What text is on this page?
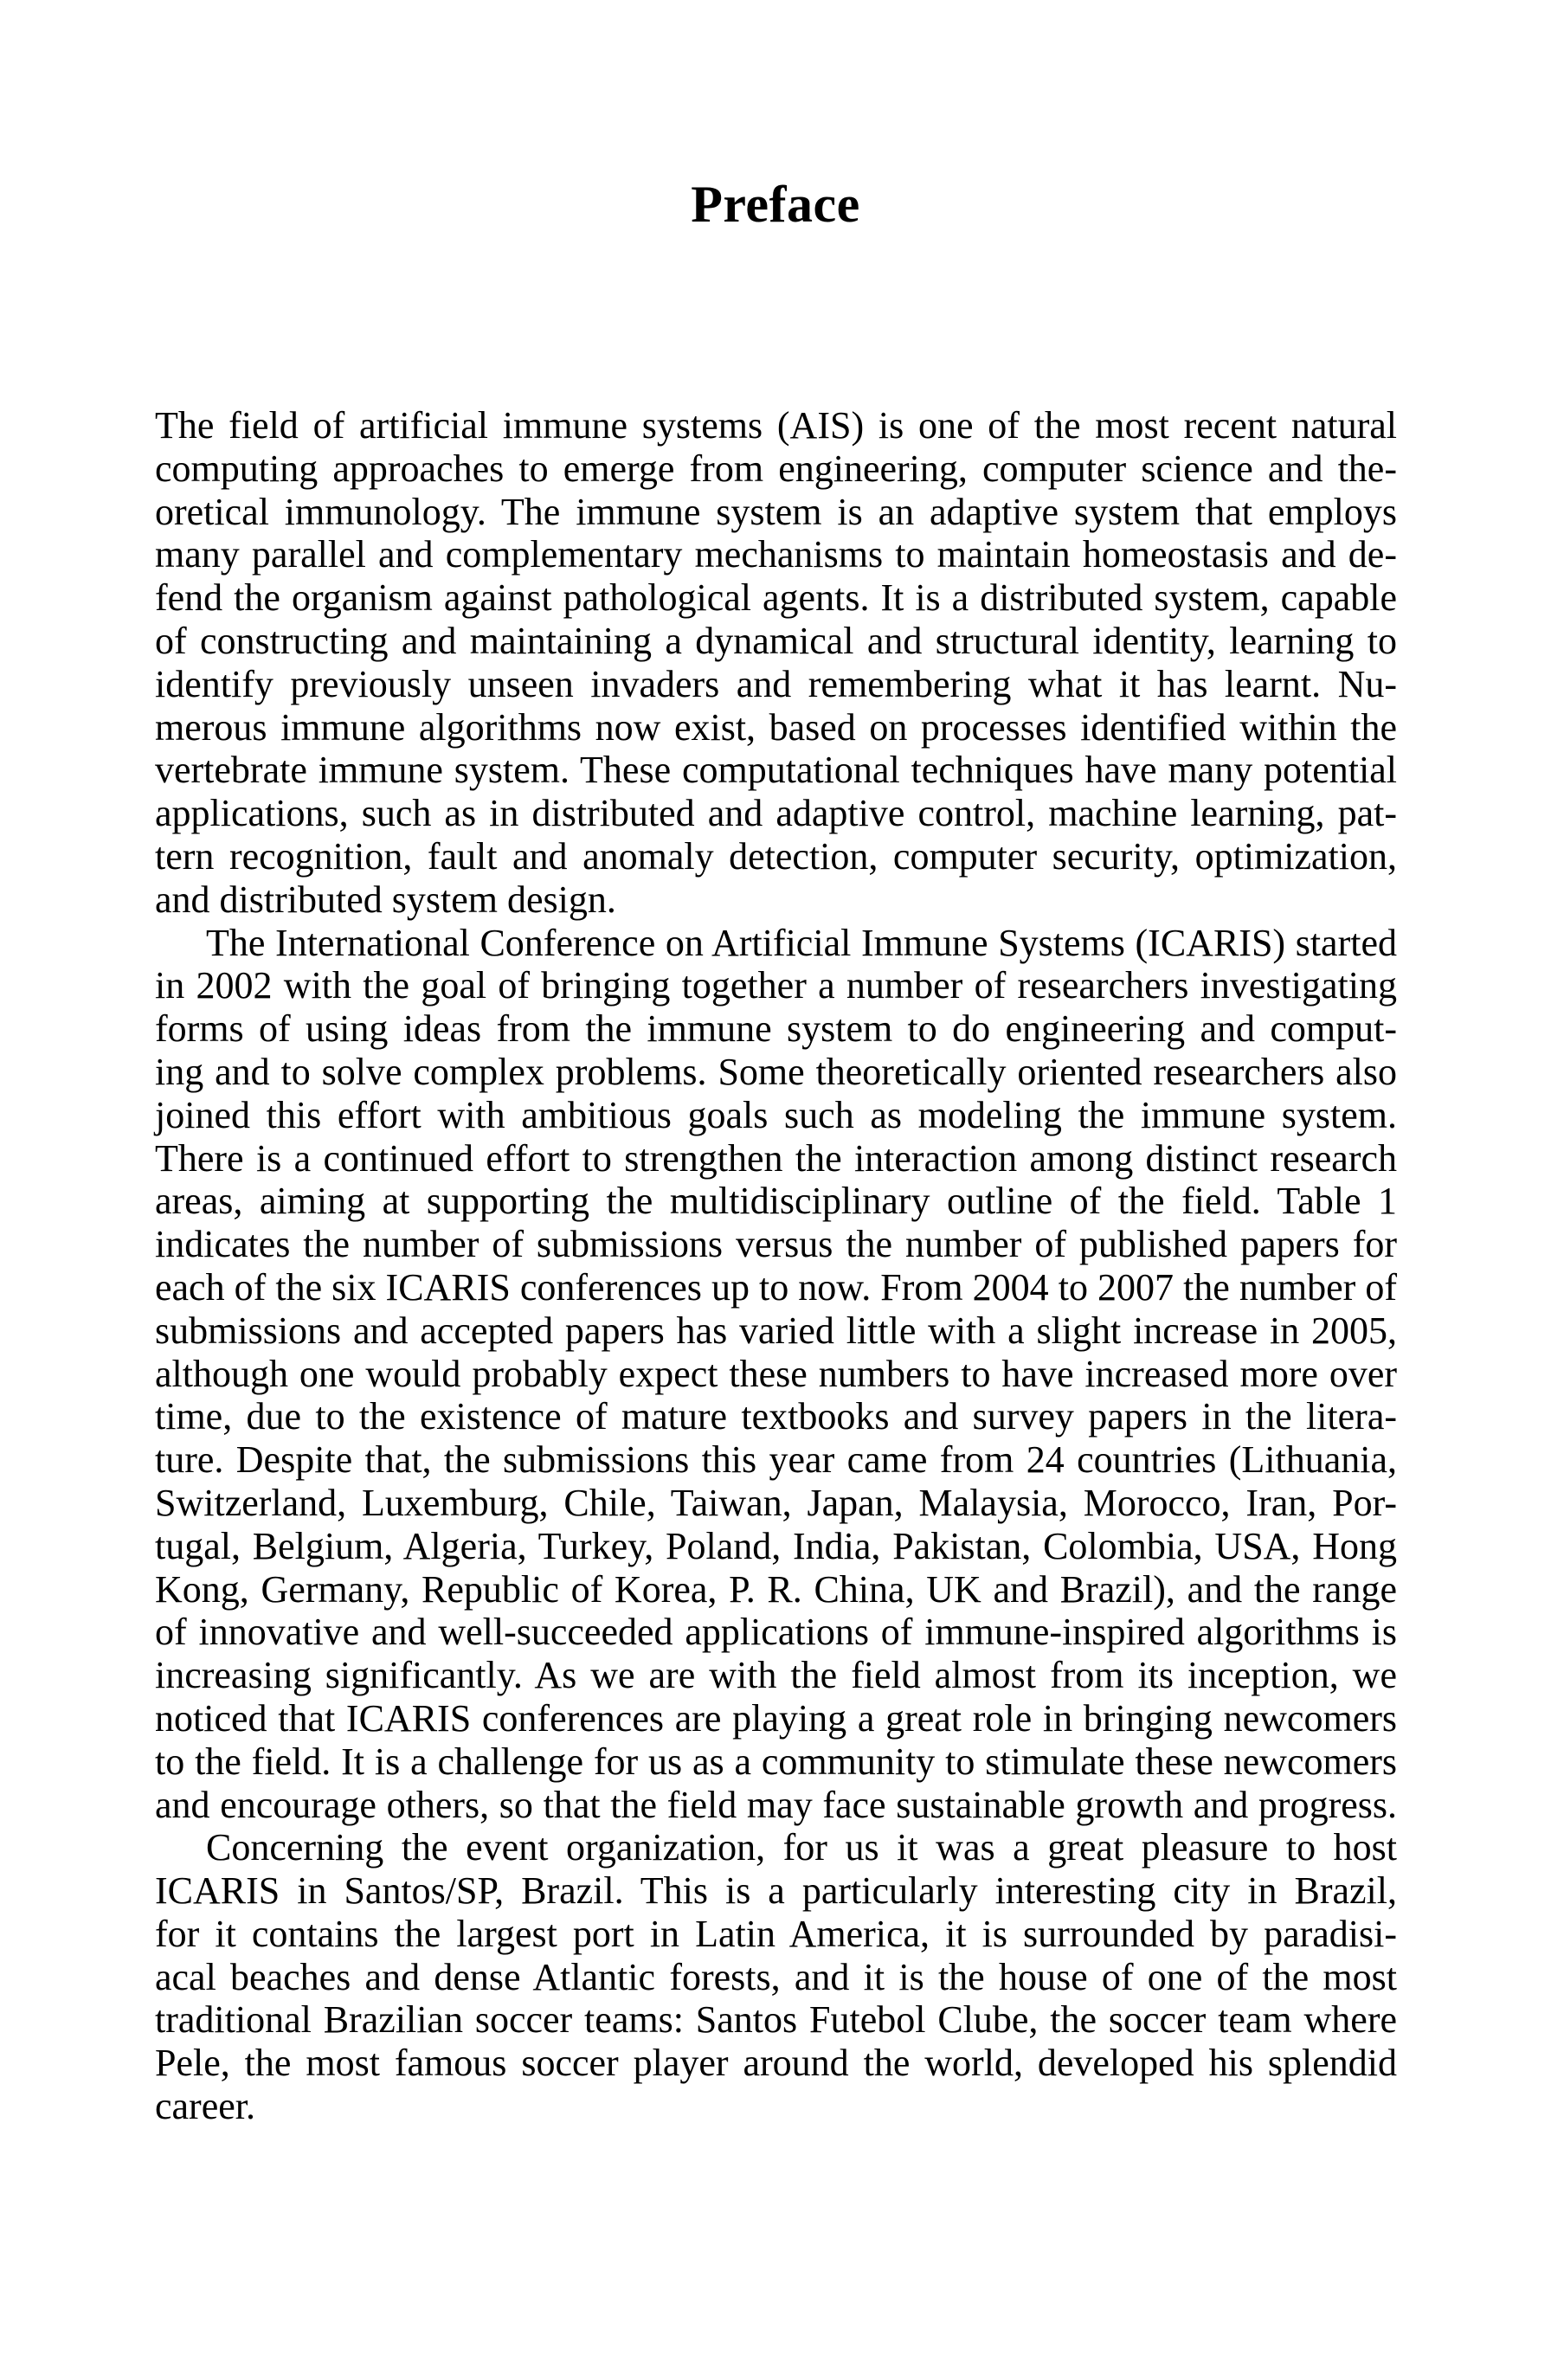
Preface

The field of artificial immune systems (AIS) is one of the most recent natural
computing approaches to emerge from engineering, computer science and the-
oretical immunology. The immune system is an adaptive system that employs
many parallel and complementary mechanisms to maintain homeostasis and de-
fend the organism against pathological agents. It is a distributed system, capable
of constructing and maintaining a dynamical and structural identity, learning to
identify previously unseen invaders and remembering what it has learnt. Nu-
merous immune algorithms now exist, based on processes identified within the
vertebrate immune system. These computational techniques have many potential
applications, such as in distributed and adaptive control, machine learning, pat-
tern recognition, fault and anomaly detection, computer security, optimization,
and distributed system design.

The International Conference on Artificial Immune Systems (ICARIS) started
in 2002 with the goal of bringing together a number of researchers investigating
forms of using ideas from the immune system to do engineering and comput-
ing and to solve complex problems. Some theoretically oriented researchers also
joined this effort with ambitious goals such as modeling the immune system.
There is a continued effort to strengthen the interaction among distinct research
areas, aiming at supporting the multidisciplinary outline of the field. Table 1
indicates the number of submissions versus the number of published papers for
each of the six ICARIS conferences up to now. From 2004 to 2007 the number of
submissions and accepted papers has varied little with a slight increase in 2005,
although one would probably expect these numbers to have increased more over
time, due to the existence of mature textbooks and survey papers in the litera-
ture. Despite that, the submissions this year came from 24 countries (Lithuania,
Switzerland, Luxemburg, Chile, Taiwan, Japan, Malaysia, Morocco, Iran, Por-
tugal, Belgium, Algeria, Turkey, Poland, India, Pakistan, Colombia, USA, Hong
Kong, Germany, Republic of Korea, P. R. China, UK and Brazil), and the range
of innovative and well-succeeded applications of immune-inspired algorithms is
increasing significantly. As we are with the field almost from its inception, we
noticed that ICARIS conferences are playing a great role in bringing newcomers
to the field. It is a challenge for us as a community to stimulate these newcomers
and encourage others, so that the field may face sustainable growth and progress.

Concerning the event organization, for us it was a great pleasure to host
ICARIS in Santos/SP, Brazil. This is a particularly interesting city in Brazil,
for it contains the largest port in Latin America, it is surrounded by paradisi-
acal beaches and dense Atlantic forests, and it is the house of one of the most
traditional Brazilian soccer teams: Santos Futebol Clube, the soccer team where
Pele, the most famous soccer player around the world, developed his splendid
career.
